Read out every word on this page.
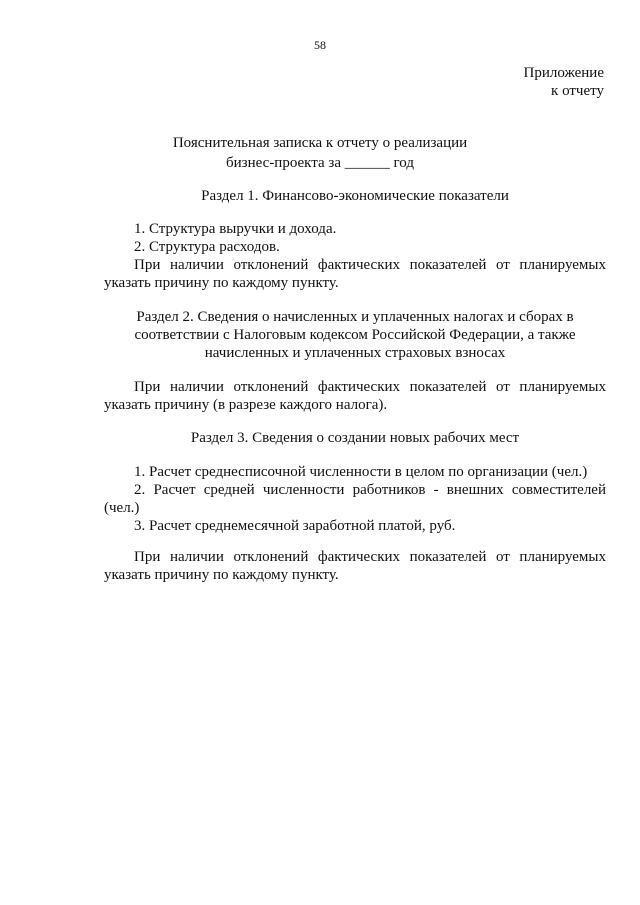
58
Приложение
к отчету
Пояснительная записка к отчету о реализации
бизнес-проекта за ______ год
Раздел 1. Финансово-экономические показатели

1. Структура выручки и дохода.

2. Структура расходов.

При наличии отклонений фактических показателей от планируемых указать причину по каждому пункту.

Раздел 2. Сведения о начисленных и уплаченных налогах и сборах в

соответствии с Налоговым кодексом Российской Федерации, а также

начисленных и уплаченных страховых взносах

При наличии отклонений фактических показателей от планируемых указать причину (в разрезе каждого налога).

Раздел 3. Сведения о создании новых рабочих мест

1. Расчет среднесписочной численности в целом по организации (чел.)

2. Расчет средней численности работников - внешних совместителей (чел.)

3. Расчет среднемесячной заработной платой, руб.

При наличии отклонений фактических показателей от планируемых указать причину по каждому пункту.
